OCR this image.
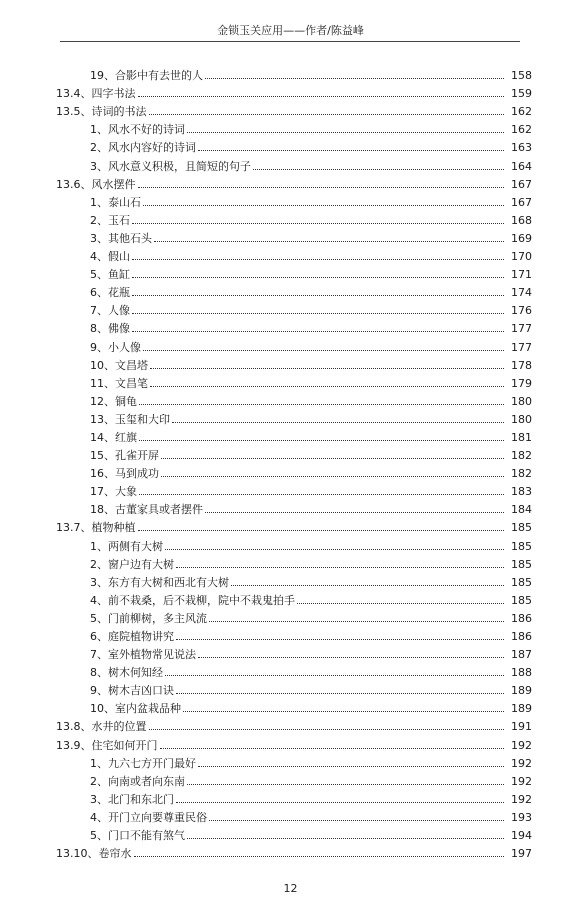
金锁玉关应用——作者/陈益峰
19、合影中有去世的人	158
13.4、四字书法	159
13.5、诗词的书法	162
1、风水不好的诗词	162
2、风水内容好的诗词	163
3、风水意义积极，且简短的句子	164
13.6、风水摆件	167
1、泰山石	167
2、玉石	168
3、其他石头	169
4、假山	170
5、鱼缸	171
6、花瓶	174
7、人像	176
8、佛像	177
9、小人像	177
10、文昌塔	178
11、文昌笔	179
12、铜龟	180
13、玉玺和大印	180
14、红旗	181
15、孔雀开屏	182
16、马到成功	182
17、大象	183
18、古董家具或者摆件	184
13.7、植物种植	185
1、两侧有大树	185
2、窗户边有大树	185
3、东方有大树和西北有大树	185
4、前不栽桑，后不栽柳，院中不栽鬼拍手	185
5、门前柳树，多主风流	186
6、庭院植物讲究	186
7、室外植物常见说法	187
8、树木何知经	188
9、树木吉凶口诀	189
10、室内盆栽品种	189
13.8、水井的位置	191
13.9、住宅如何开门	192
1、九六七方开门最好	192
2、向南或者向东南	192
3、北门和东北门	192
4、开门立向要尊重民俗	193
5、门口不能有煞气	194
13.10、卷帘水	197
12
